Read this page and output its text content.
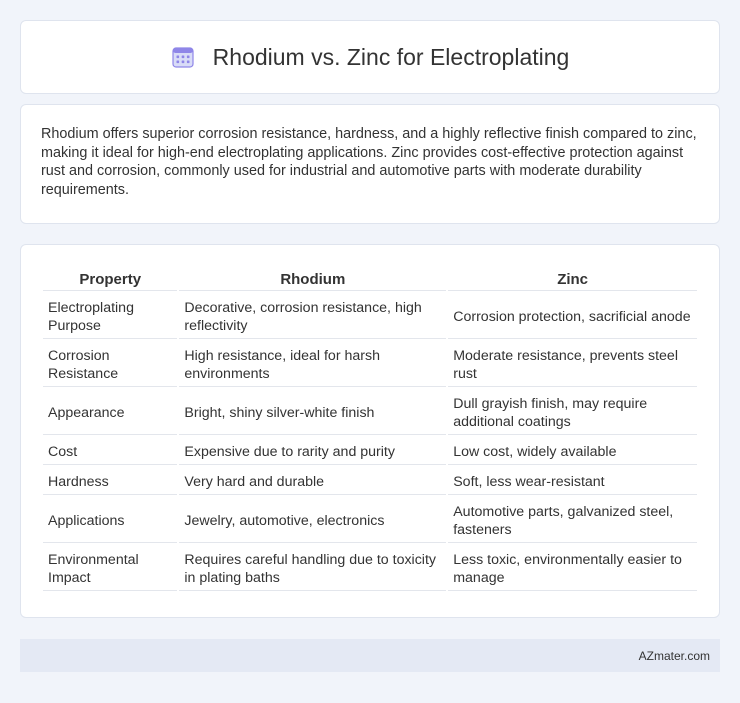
Rhodium vs. Zinc for Electroplating

Rhodium offers superior corrosion resistance, hardness, and a highly reflective finish compared to zinc, making it ideal for high-end electroplating applications. Zinc provides cost-effective protection against rust and corrosion, commonly used for industrial and automotive parts with moderate durability requirements.

Property	Rhodium	Zinc
Electroplating Purpose	Decorative, corrosion resistance, high reflectivity	Corrosion protection, sacrificial anode
Corrosion Resistance	High resistance, ideal for harsh environments	Moderate resistance, prevents steel rust
Appearance	Bright, shiny silver-white finish	Dull grayish finish, may require additional coatings
Cost	Expensive due to rarity and purity	Low cost, widely available
Hardness	Very hard and durable	Soft, less wear-resistant
Applications	Jewelry, automotive, electronics	Automotive parts, galvanized steel, fasteners
Environmental Impact	Requires careful handling due to toxicity in plating baths	Less toxic, environmentally easier to manage
AZmater.com
